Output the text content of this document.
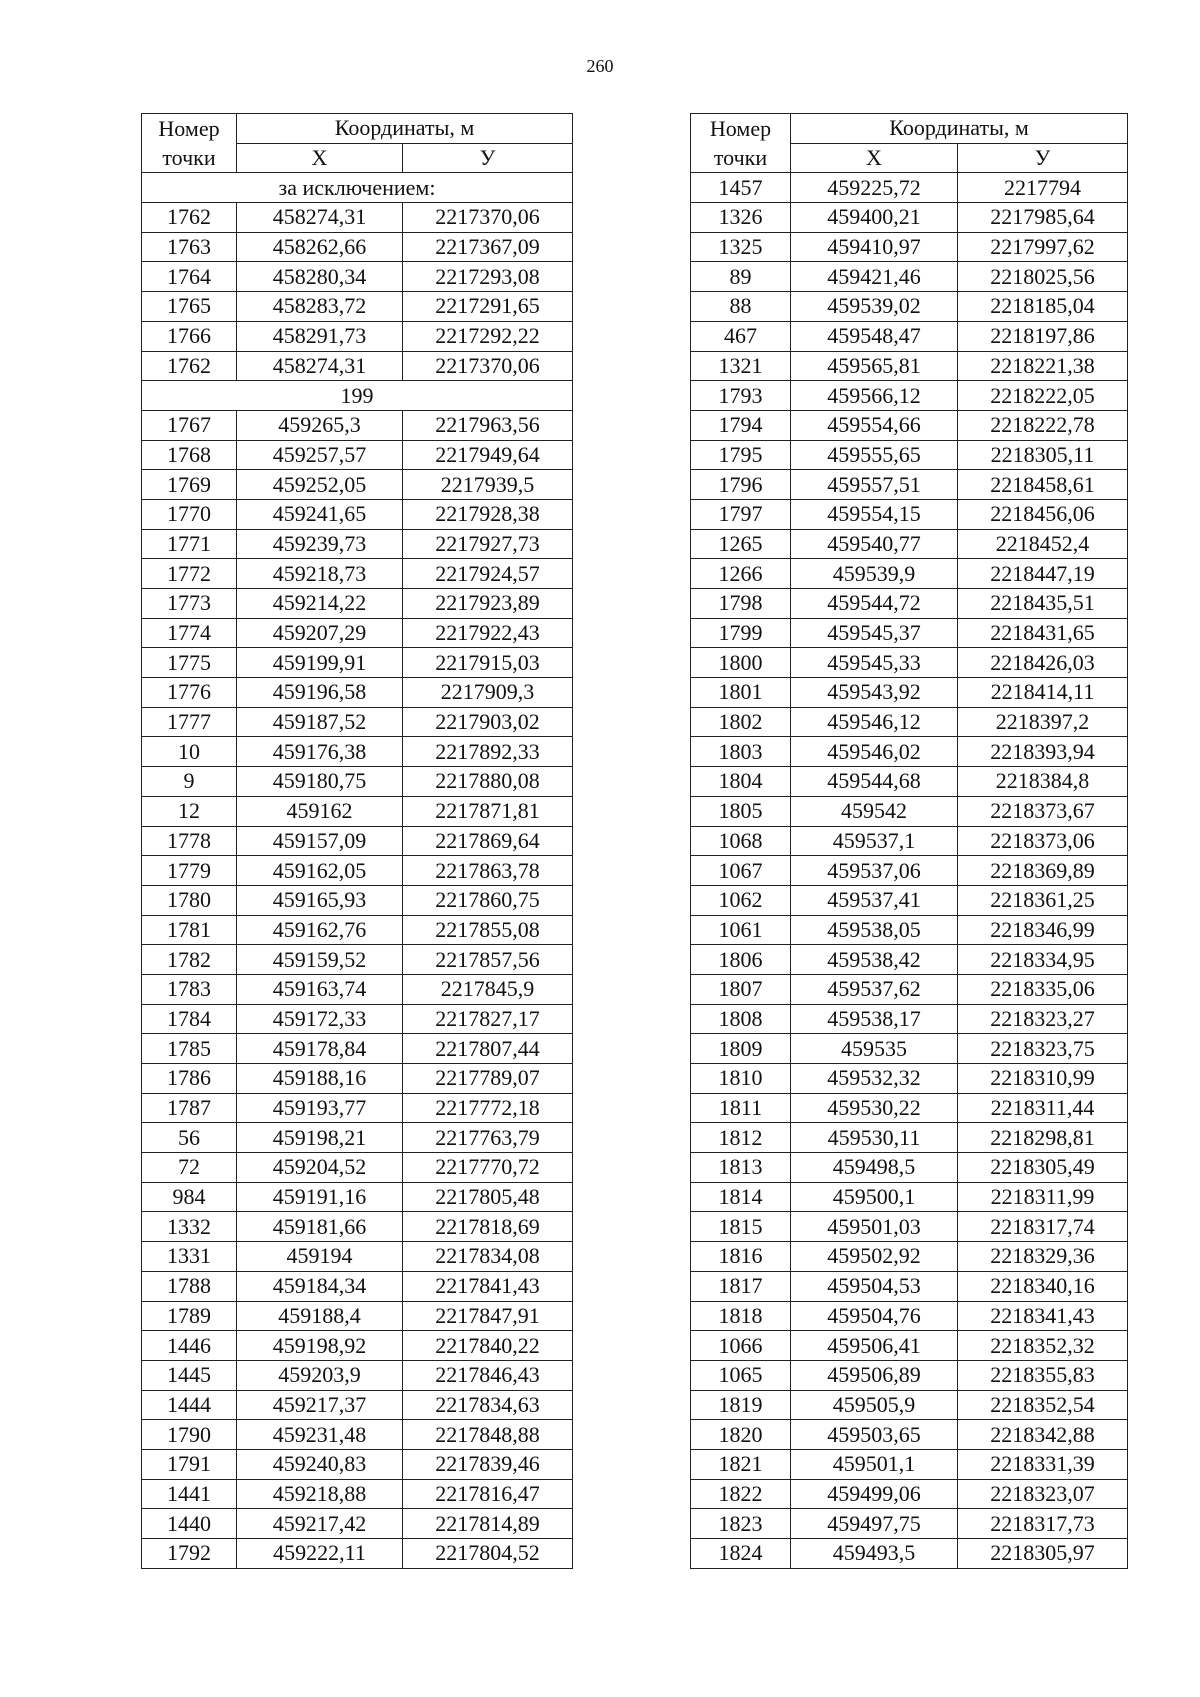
260
Номер	Координаты, м	
точки	Х	У
за исключением:		
1762	458274,31	2217370,06
1763	458262,66	2217367,09
1764	458280,34	2217293,08
1765	458283,72	2217291,65
1766	458291,73	2217292,22
1762	458274,31	2217370,06
199		
1767	459265,3	2217963,56
1768	459257,57	2217949,64
1769	459252,05	2217939,5
1770	459241,65	2217928,38
1771	459239,73	2217927,73
1772	459218,73	2217924,57
1773	459214,22	2217923,89
1774	459207,29	2217922,43
1775	459199,91	2217915,03
1776	459196,58	2217909,3
1777	459187,52	2217903,02
10	459176,38	2217892,33
9	459180,75	2217880,08
12	459162	2217871,81
1778	459157,09	2217869,64
1779	459162,05	2217863,78
1780	459165,93	2217860,75
1781	459162,76	2217855,08
1782	459159,52	2217857,56
1783	459163,74	2217845,9
1784	459172,33	2217827,17
1785	459178,84	2217807,44
1786	459188,16	2217789,07
1787	459193,77	2217772,18
56	459198,21	2217763,79
72	459204,52	2217770,72
984	459191,16	2217805,48
1332	459181,66	2217818,69
1331	459194	2217834,08
1788	459184,34	2217841,43
1789	459188,4	2217847,91
1446	459198,92	2217840,22
1445	459203,9	2217846,43
1444	459217,37	2217834,63
1790	459231,48	2217848,88
1791	459240,83	2217839,46
1441	459218,88	2217816,47
1440	459217,42	2217814,89
1792	459222,11	2217804,52
Номер	Координаты, м	
точки	Х	У
1457	459225,72	2217794
1326	459400,21	2217985,64
1325	459410,97	2217997,62
89	459421,46	2218025,56
88	459539,02	2218185,04
467	459548,47	2218197,86
1321	459565,81	2218221,38
1793	459566,12	2218222,05
1794	459554,66	2218222,78
1795	459555,65	2218305,11
1796	459557,51	2218458,61
1797	459554,15	2218456,06
1265	459540,77	2218452,4
1266	459539,9	2218447,19
1798	459544,72	2218435,51
1799	459545,37	2218431,65
1800	459545,33	2218426,03
1801	459543,92	2218414,11
1802	459546,12	2218397,2
1803	459546,02	2218393,94
1804	459544,68	2218384,8
1805	459542	2218373,67
1068	459537,1	2218373,06
1067	459537,06	2218369,89
1062	459537,41	2218361,25
1061	459538,05	2218346,99
1806	459538,42	2218334,95
1807	459537,62	2218335,06
1808	459538,17	2218323,27
1809	459535	2218323,75
1810	459532,32	2218310,99
1811	459530,22	2218311,44
1812	459530,11	2218298,81
1813	459498,5	2218305,49
1814	459500,1	2218311,99
1815	459501,03	2218317,74
1816	459502,92	2218329,36
1817	459504,53	2218340,16
1818	459504,76	2218341,43
1066	459506,41	2218352,32
1065	459506,89	2218355,83
1819	459505,9	2218352,54
1820	459503,65	2218342,88
1821	459501,1	2218331,39
1822	459499,06	2218323,07
1823	459497,75	2218317,73
1824	459493,5	2218305,97
